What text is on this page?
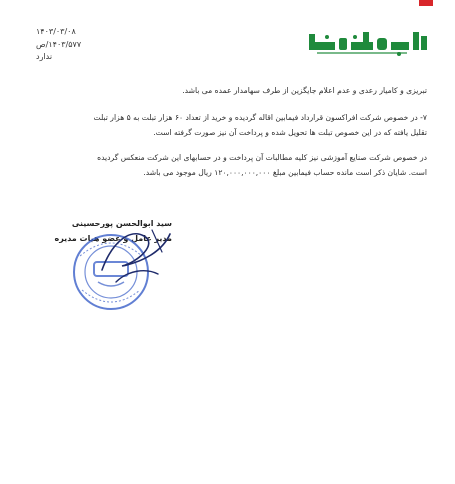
۱۴۰۳/۰۳/۰۸
۱۴۰۳/۵۷۷/ص
ندارد
ایران ارقام
تبریزی و کامیار رعدی و عدم اعلام جایگزین از طرف سهامدار عمده می باشد.
۷- در خصوص شرکت افراکسون قرارداد فیمابین اقاله گردیده و خرید از تعداد ۶۰ هزار تبلت به ۵ هزار تبلت
تقلیل یافته که در این خصوص تبلت ها تحویل شده و پرداخت آن نیز صورت گرفته است.
در خصوص شرکت صنایع آموزشی نیز کلیه مطالبات آن پرداخت و در حسابهای این شرکت منعکس گردیده
است. شایان ذکر است مانده حساب فیمابین مبلغ ۱۲۰,۰۰۰,۰۰۰,۰۰۰ ریال موجود می باشد.
سید ابوالحسن پورحسینی
مدیر عامل و عضو هیات مدیره
